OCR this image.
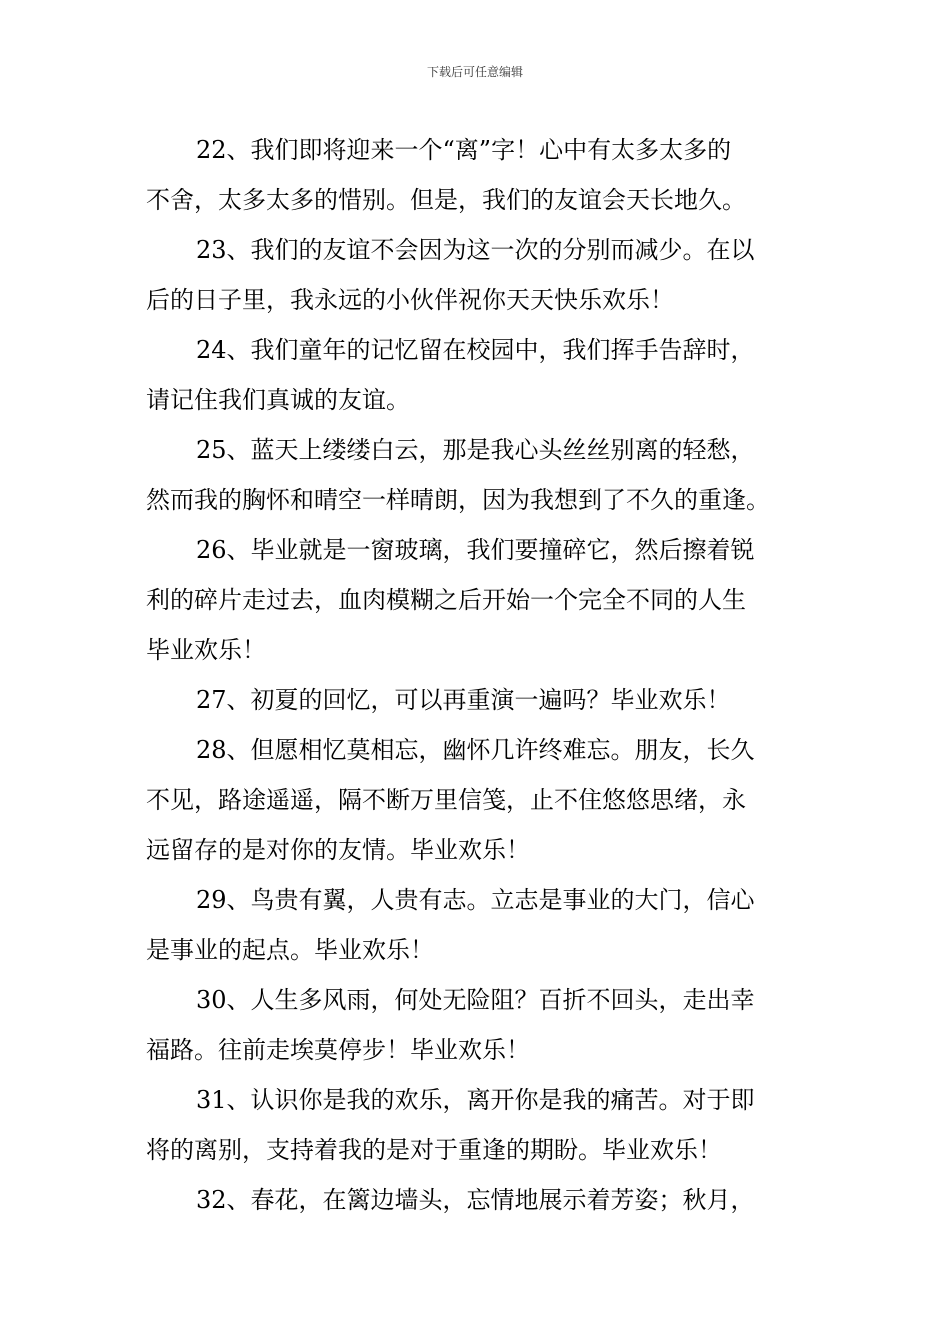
下载后可任意编辑
22、我们即将迎来一个“离”字！心中有太多太多的
不舍，太多太多的惜别。但是，我们的友谊会天长地久。
23、我们的友谊不会因为这一次的分别而减少。在以
后的日子里，我永远的小伙伴祝你天天快乐欢乐！
24、我们童年的记忆留在校园中，我们挥手告辞时，
请记住我们真诚的友谊。
25、蓝天上缕缕白云，那是我心头丝丝别离的轻愁，
然而我的胸怀和晴空一样晴朗，因为我想到了不久的重逢。
26、毕业就是一窗玻璃，我们要撞碎它，然后擦着锐
利的碎片走过去，血肉模糊之后开始一个完全不同的人生
毕业欢乐！
27、初夏的回忆，可以再重演一遍吗？毕业欢乐！
28、但愿相忆莫相忘，幽怀几许终难忘。朋友，长久
不见，路途遥遥，隔不断万里信笺，止不住悠悠思绪，永
远留存的是对你的友情。毕业欢乐！
29、鸟贵有翼，人贵有志。立志是事业的大门，信心
是事业的起点。毕业欢乐！
30、人生多风雨，何处无险阻？百折不回头，走出幸
福路。往前走埃莫停步！毕业欢乐！
31、认识你是我的欢乐，离开你是我的痛苦。对于即
将的离别，支持着我的是对于重逢的期盼。毕业欢乐！
32、春花，在篱边墙头，忘情地展示着芳姿；秋月，
